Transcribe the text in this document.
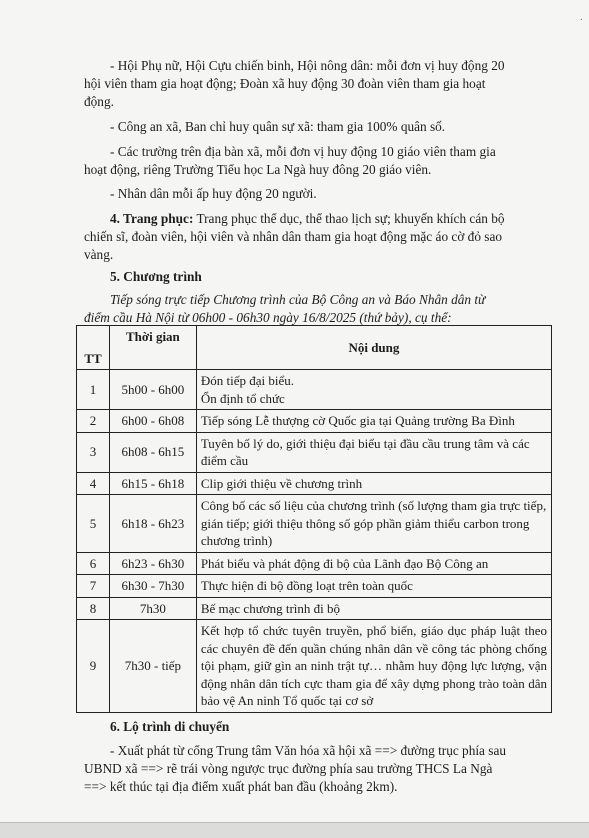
˙

- Hội Phụ nữ, Hội Cựu chiến binh, Hội nông dân: mỗi đơn vị huy động 20

hội viên tham gia hoạt động; Đoàn xã huy động 30 đoàn viên tham gia hoạt

động.

- Công an xã, Ban chỉ huy quân sự xã: tham gia 100% quân số.

- Các trường trên địa bàn xã, mỗi đơn vị huy động 10 giáo viên tham gia

hoạt động, riêng Trường Tiểu học La Ngà huy đông 20 giáo viên.

- Nhân dân mỗi ấp huy động 20 người.

4. Trang phục: Trang phục thể dục, thể thao lịch sự; khuyến khích cán bộ

chiến sĩ, đoàn viên, hội viên và nhân dân tham gia hoạt động mặc áo cờ đỏ sao

vàng.

5. Chương trình

Tiếp sóng trực tiếp Chương trình của Bộ Công an và Báo Nhân dân từ

điểm cầu Hà Nội từ 06h00 - 06h30 ngày 16/8/2025 (thứ bảy), cụ thể:

TT	Thời gian	Nội dung
1	5h00 - 6h00	Đón tiếp đại biểu.
Ổn định tổ chức

2	6h00 - 6h08	Tiếp sóng Lễ thượng cờ Quốc gia tại Quảng trường Ba Đình
3	6h08 - 6h15	Tuyên bố lý do, giới thiệu đại biểu tại đầu cầu trung tâm và các điểm cầu
4	6h15 - 6h18	Clip giới thiệu về chương trình
5	6h18 - 6h23	Công bố các số liệu của chương trình (số lượng tham gia trực tiếp, gián tiếp; giới thiệu thông số góp phần giảm thiểu carbon trong chương trình)
6	6h23 - 6h30	Phát biểu và phát động đi bộ của Lãnh đạo Bộ Công an
7	6h30 - 7h30	Thực hiện đi bộ đồng loạt trên toàn quốc
8	7h30	Bế mạc chương trình đi bộ
9	7h30 - tiếp	Kết hợp tổ chức tuyên truyền, phổ biến, giáo dục pháp luật theo các chuyên đề đến quần chúng nhân dân về công tác phòng chống tội phạm, giữ gìn an ninh trật tự… nhằm huy động lực lượng, vận động nhân dân tích cực tham gia để xây dựng phong trào toàn dân bảo vệ An ninh Tổ quốc tại cơ sở

6. Lộ trình di chuyển

- Xuất phát từ cổng Trung tâm Văn hóa xã hội xã ==> đường trục phía sau

UBND xã ==> rẽ trái vòng ngược trục đường phía sau trường THCS La Ngà

==> kết thúc tại địa điểm xuất phát ban đầu (khoảng 2km).
